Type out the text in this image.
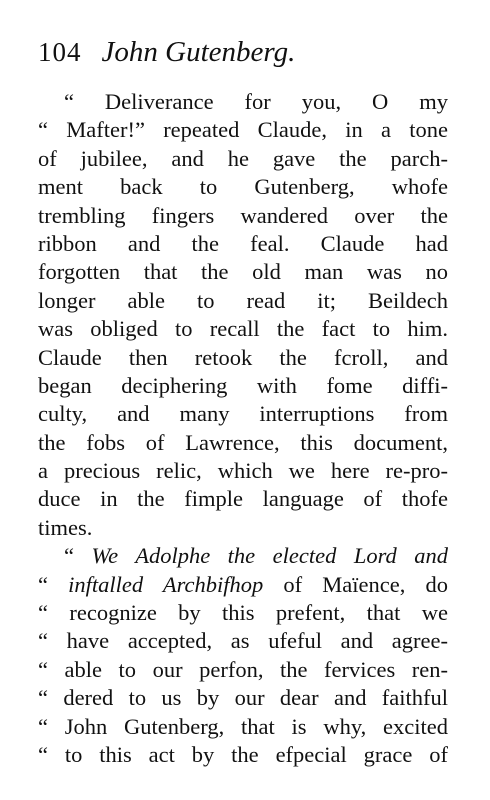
104 John Gutenberg.
“ Deliverance for you, O my
“ Mafter!” repeated Claude, in a tone
of jubilee, and he gave the parch-
ment back to Gutenberg, whofe
trembling fingers wandered over the
ribbon and the feal. Claude had
forgotten that the old man was no
longer able to read it; Beildech
was obliged to recall the fact to him.
Claude then retook the fcroll, and
began deciphering with fome diffi-
culty, and many interruptions from
the fobs of Lawrence, this document,
a precious relic, which we here re-pro-
duce in the fimple language of thofe
times.
“ We Adolphe the elected Lord and
“ inftalled Archbifhop of Maïence, do
“ recognize by this prefent, that we
“ have accepted, as ufeful and agree-
“ able to our perfon, the fervices ren-
“ dered to us by our dear and faithful
“ John Gutenberg, that is why, excited
“ to this act by the efpecial grace of
